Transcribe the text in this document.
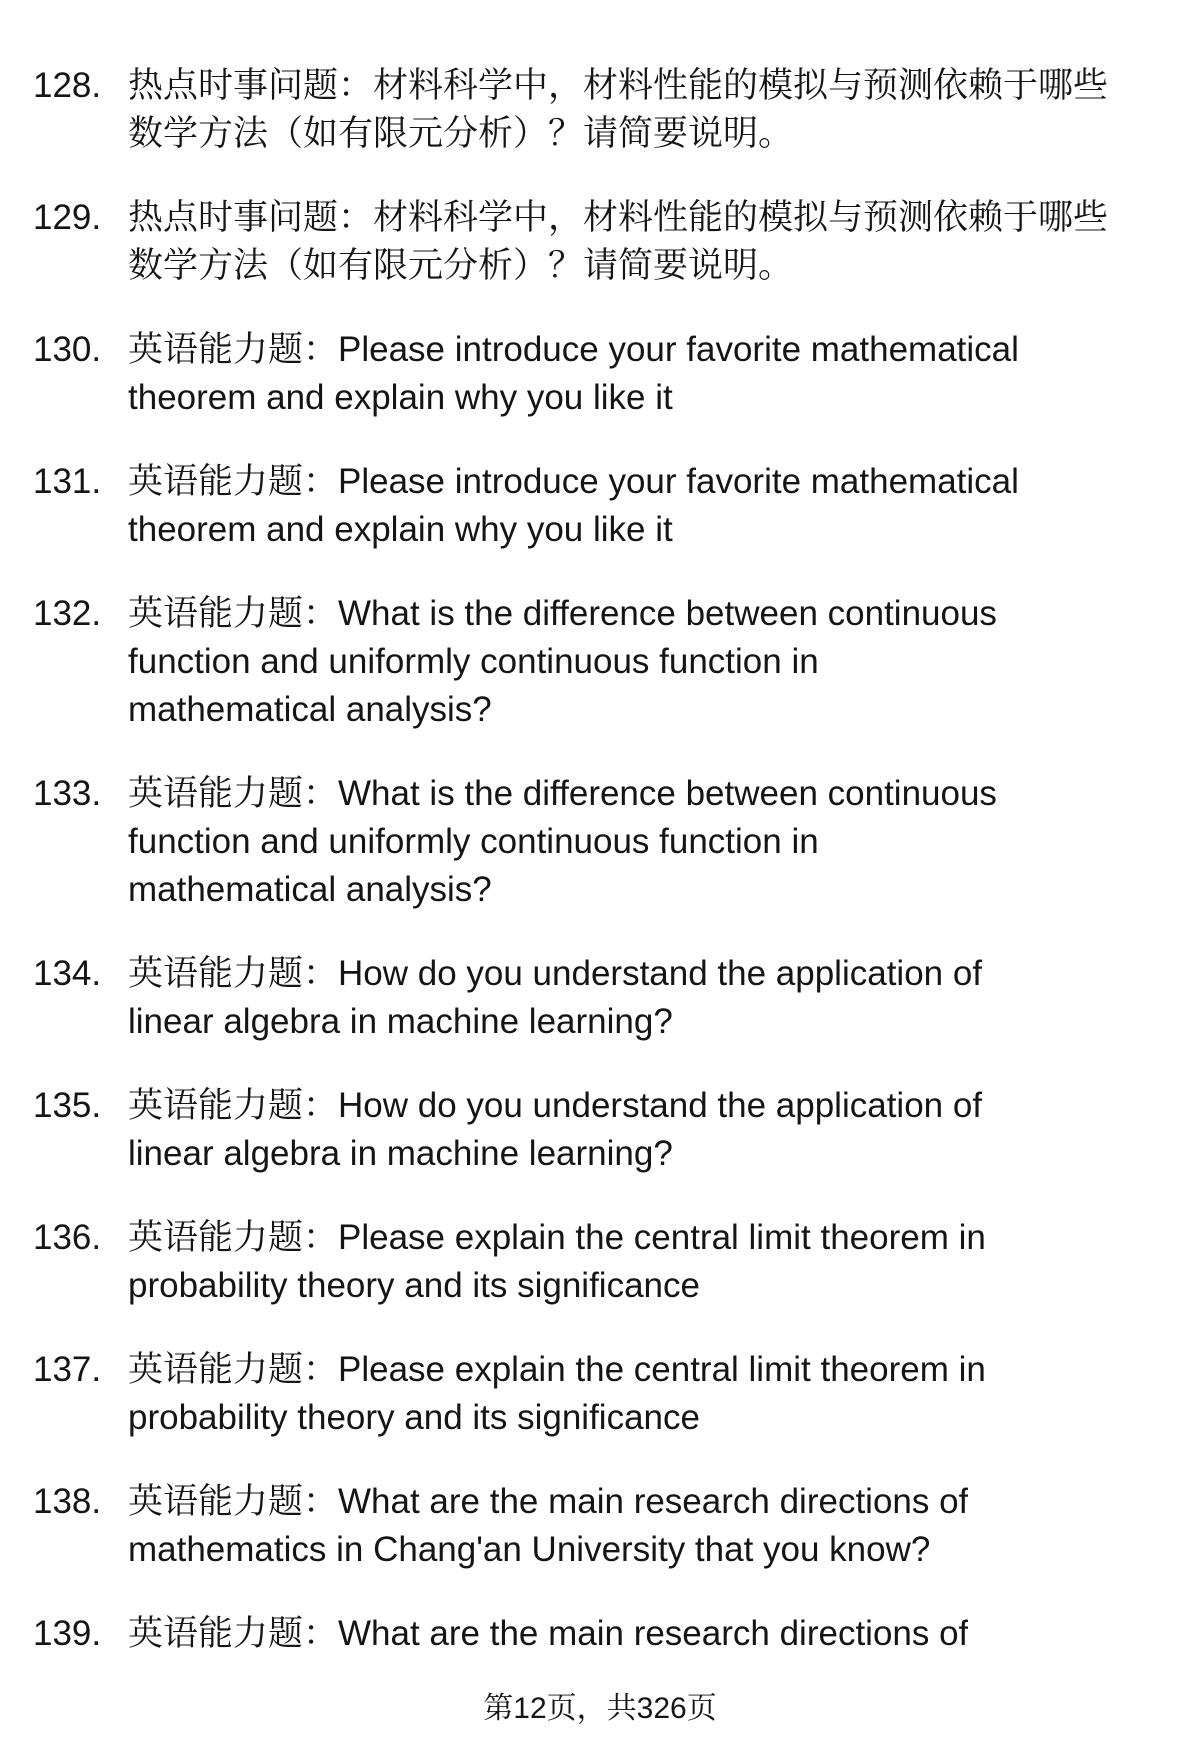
128. 热点时事问题：材料科学中，材料性能的模拟与预测依赖于哪些
数学方法（如有限元分析）？请简要说明。
129. 热点时事问题：材料科学中，材料性能的模拟与预测依赖于哪些
数学方法（如有限元分析）？请简要说明。
130. 英语能力题：Please introduce your favorite mathematical
theorem and explain why you like it
131. 英语能力题：Please introduce your favorite mathematical
theorem and explain why you like it
132. 英语能力题：What is the difference between continuous
function and uniformly continuous function in
mathematical analysis?
133. 英语能力题：What is the difference between continuous
function and uniformly continuous function in
mathematical analysis?
134. 英语能力题：How do you understand the application of
linear algebra in machine learning?
135. 英语能力题：How do you understand the application of
linear algebra in machine learning?
136. 英语能力题：Please explain the central limit theorem in
probability theory and its significance
137. 英语能力题：Please explain the central limit theorem in
probability theory and its significance
138. 英语能力题：What are the main research directions of
mathematics in Chang'an University that you know?
139. 英语能力题：What are the main research directions of
第12页，共326页
